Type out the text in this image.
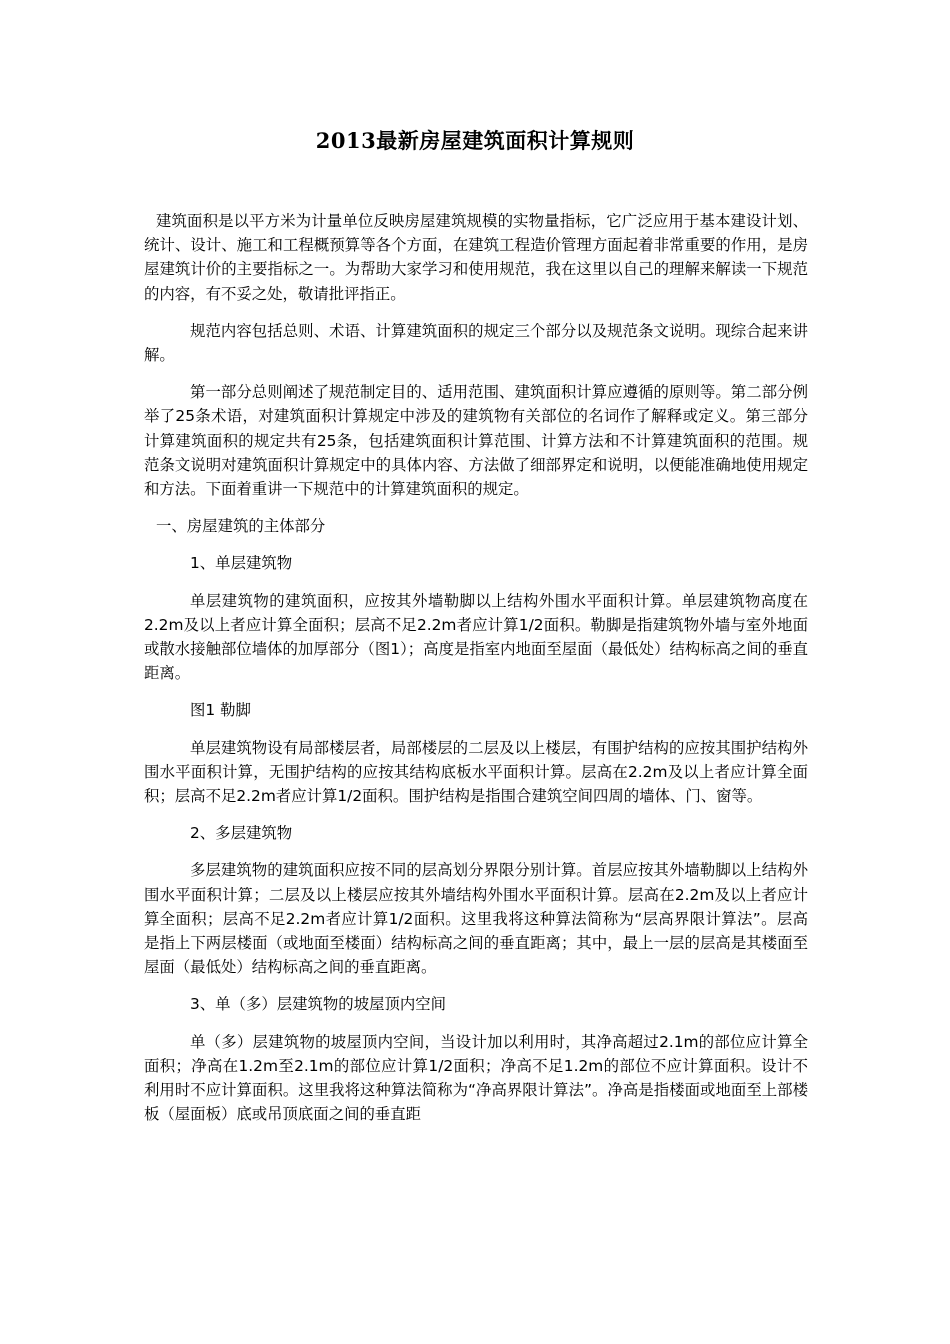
2013最新房屋建筑面积计算规则

建筑面积是以平方米为计量单位反映房屋建筑规模的实物量指标，它广泛应用于基本建设计划、统计、设计、施工和工程概预算等各个方面，在建筑工程造价管理方面起着非常重要的作用，是房屋建筑计价的主要指标之一。为帮助大家学习和使用规范，我在这里以自己的理解来解读一下规范的内容，有不妥之处，敬请批评指正。

规范内容包括总则、术语、计算建筑面积的规定三个部分以及规范条文说明。现综合起来讲解。

第一部分总则阐述了规范制定目的、适用范围、建筑面积计算应遵循的原则等。第二部分例举了25条术语，对建筑面积计算规定中涉及的建筑物有关部位的名词作了解释或定义。第三部分计算建筑面积的规定共有25条，包括建筑面积计算范围、计算方法和不计算建筑面积的范围。规范条文说明对建筑面积计算规定中的具体内容、方法做了细部界定和说明，以便能准确地使用规定和方法。下面着重讲一下规范中的计算建筑面积的规定。

一、房屋建筑的主体部分

1、单层建筑物

单层建筑物的建筑面积，应按其外墙勒脚以上结构外围水平面积计算。单层建筑物高度在2.2m及以上者应计算全面积；层高不足2.2m者应计算1/2面积。勒脚是指建筑物外墙与室外地面或散水接触部位墙体的加厚部分（图1）；高度是指室内地面至屋面（最低处）结构标高之间的垂直距离。

图1 勒脚

单层建筑物设有局部楼层者，局部楼层的二层及以上楼层，有围护结构的应按其围护结构外围水平面积计算，无围护结构的应按其结构底板水平面积计算。层高在2.2m及以上者应计算全面积；层高不足2.2m者应计算1/2面积。围护结构是指围合建筑空间四周的墙体、门、窗等。

2、多层建筑物

多层建筑物的建筑面积应按不同的层高划分界限分别计算。首层应按其外墙勒脚以上结构外围水平面积计算；二层及以上楼层应按其外墙结构外围水平面积计算。层高在2.2m及以上者应计算全面积；层高不足2.2m者应计算1/2面积。这里我将这种算法简称为“层高界限计算法”。层高是指上下两层楼面（或地面至楼面）结构标高之间的垂直距离；其中，最上一层的层高是其楼面至屋面（最低处）结构标高之间的垂直距离。

3、单（多）层建筑物的坡屋顶内空间

单（多）层建筑物的坡屋顶内空间，当设计加以利用时，其净高超过2.1m的部位应计算全面积；净高在1.2m至2.1m的部位应计算1/2面积；净高不足1.2m的部位不应计算面积。设计不利用时不应计算面积。这里我将这种算法简称为“净高界限计算法”。净高是指楼面或地面至上部楼板（屋面板）底或吊顶底面之间的垂直距
